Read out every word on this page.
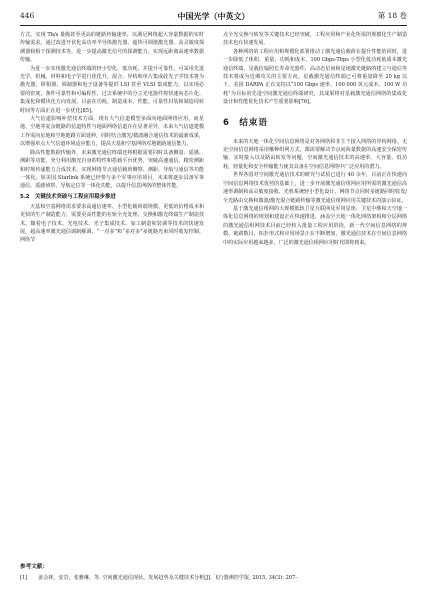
446	中国光学（中英文）	第 18 卷

方式，实现 Tb/s 量级甚至更高的链路传输速率，以满足网络超大容量数据的实时传输需求。通过改进开伏化高功率半导体激光器、超快可调谐激光器、高灵敏度探测器和相干探测技术等，进一步提高激光信号的探测能力，实现远距离高速率数据传输。

为进一步实现激光通信终端的轻小型化、低功耗，并提升可靠性，可采用先进光学、机械、材料和电子学进行优化升，混合、异构和单片集成硅光子学技术将为激光器、移相器、调制器和电子设备等提供 LSI 甚至 VLSI 集成能力，以实现必要的密度，条件可靠性和可编程性。过去系统中的分立光电器件将快速向芯片化、集成化和模块化方向发展，目前在功耗、制造成本、性能、可靠性封装和制造周转时间等方面正在进一步优化[85]。

大气信道影响补偿技术方面，现有大气信道模型多面向地面网络应用，而星地、空地等复杂链路的信道特性与地面网络信道存在显著差异，未来大气信道建模工作需向星地和空地链路方面延伸，同时结合激光/微波融合通信技术的最新成果，以增强单点大气信道环境适应能力，提高天基和空基网络对地链路通信能力。

除高性能数据传输外，未来激光通信终端还将根据需要同时具备侧量、遥感、测距等功能，充分利用激光自身的特性和搭载平台优势，突破高速通信、精密测距和时频传递能力合成技术，实现网络节点通信载荷侧察、测距、导航与通信等功能一体化。如美国 Starlink 系统已经参与多个军事应用项目，未来将逐步具备军事通信、遥感侦察、导航定位等一体化功能，以提升信息网络的整体性能。

5.2　关键技术突破与工程应用稳步推进

天基和空基网络需求要求高通信速率、小型化载荷端规模、更低的价格成本和更快的生产制造能力，需要更高性能的在轨全光处理、交换和激光终端生产制造技术。随着电子技术、光电技术、光子集成技术、加工制造和装调等技术的快速发展，超高速率激光通信调制解调、“一对多”和“多对多”多链路光束同时收发控制、网络节

点全光交换与转发等关键技术已经突破，工程应用和产业化所需的规模化生产制造技术也在快速发展。

各种网络的工程应用和规模化部署推动了激光通信载荷在提升性能的同时，进一步降低了体积、重量、功耗和成本，100 Gbps-Tbps 小型化低功耗低成本激光通信终端、星载抗辐照长寿命光器件、高动态星间和星地激光链路的建立与通信等技术将成为近期攻关的主要方向。星载激光通信终端已可将重量降至 20 kg 以下，美国 DARPA 正在支持以“100 Gbps 速率、100 000 英元成本、100 W 功耗”为目标的先进空间激光通信终端研究，其成果将对星载激光通信网络的集成化设计和性能优化技术产生重要影响[76]。

6　结束语

未来的天地一体化空间信息网络是对各网络和非主干接入网络的异构网络。无论空间信息网络采用哪种组网方式，都需要解决节点间海量数据的高速安全保密传输、实时接入以及路由转发等问题，空间激光通信技术的高速率、大容量、低功耗、轻量化和安全传输能力使其具备在空间信息网络中广泛应用的潜力。

世界各国对空间激光通信技术的研究与试验已进行 40 余年，目前正在快速向空间信息网络技术优势的基础上，进一步开展激光通信组网应用所需的激光通信高速率调制和高灵敏度接收、光机系统轻小型化设计、网络节点同时多链路同时收发/全光路由交换和微波/激光混合链路传输等激光通信组网应用关键技术的演示验证。

基于激光通信组网的大规模低轨卫星互联网及军用星座、卫星中继和天空地一体化信息网络的规划和建设正在快速推进，涵盖空天地一体化网络架构和分层网络的激光通信组网技术目前已经转入批量工程应用阶段，新一代空间信息网络的规模、链路数目、拓扑形式和应用场景正在不断增加，激光通信技术在空间信息网络中的实际应用越来越多，广泛的激光通信组网应用时代即将到来。

参考文献：
[1]	姜会林，安岩，张雅琳，等. 空间激光通信现状、发展趋势及关键技术分析[J]. 飞行器测控学报, 2015, 34(3): 207-
